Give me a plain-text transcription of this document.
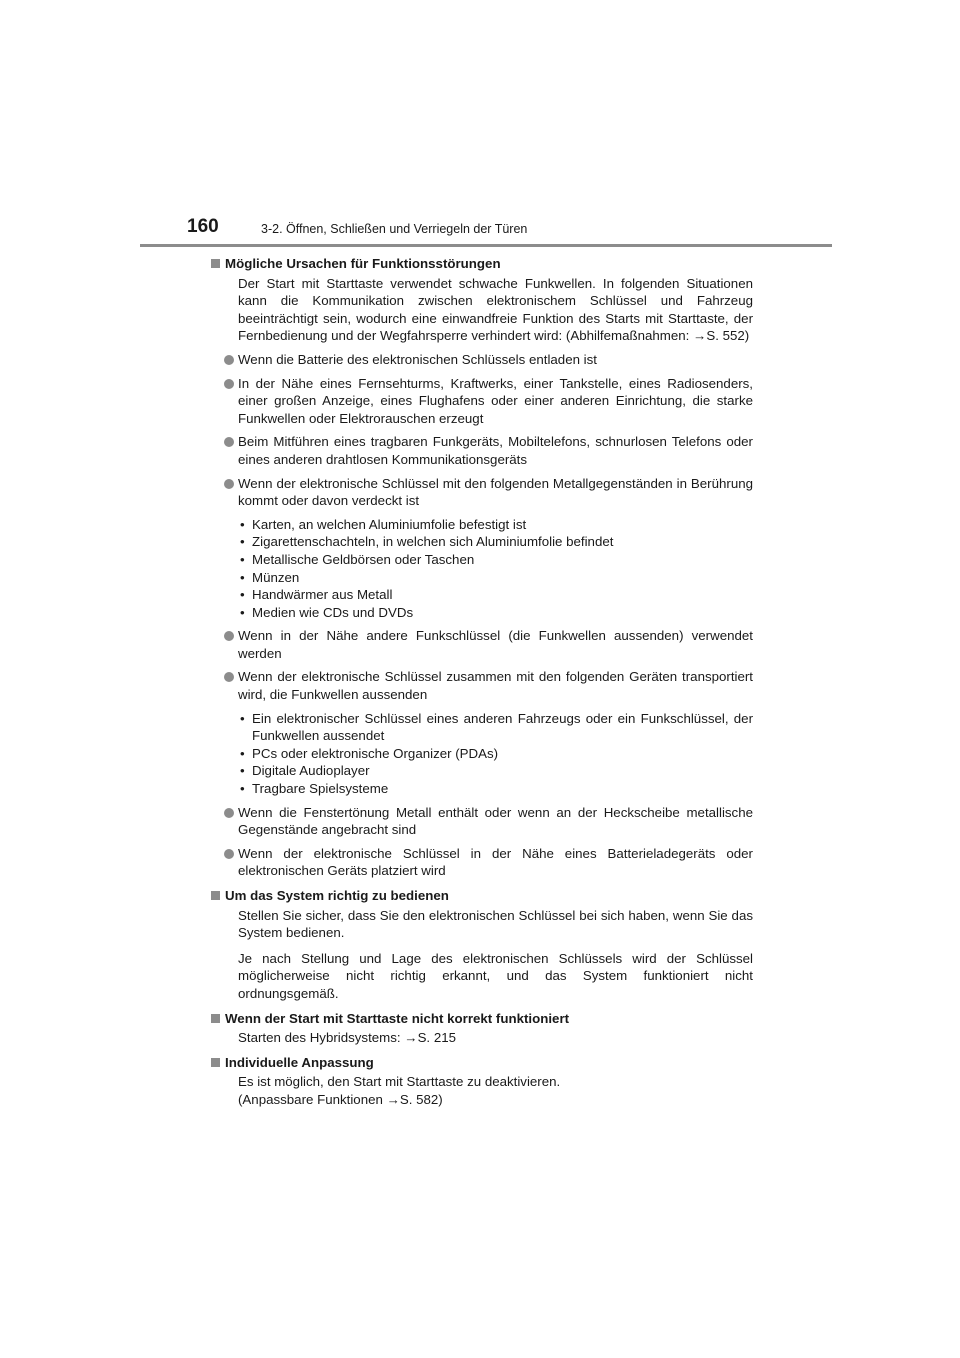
160	3-2. Öffnen, Schließen und Verriegeln der Türen
Mögliche Ursachen für Funktionsstörungen
Der Start mit Starttaste verwendet schwache Funkwellen. In folgenden Situationen kann die Kommunikation zwischen elektronischem Schlüssel und Fahrzeug beeinträchtigt sein, wodurch eine einwandfreie Funktion des Starts mit Starttaste, der Fernbedienung und der Wegfahrsperre verhindert wird: (Abhilfemaßnahmen: →S. 552)
Wenn die Batterie des elektronischen Schlüssels entladen ist
In der Nähe eines Fernsehturms, Kraftwerks, einer Tankstelle, eines Radiosenders, einer großen Anzeige, eines Flughafens oder einer anderen Einrichtung, die starke Funkwellen oder Elektrorauschen erzeugt
Beim Mitführen eines tragbaren Funkgeräts, Mobiltelefons, schnurlosen Telefons oder eines anderen drahtlosen Kommunikationsgeräts
Wenn der elektronische Schlüssel mit den folgenden Metallgegenständen in Berührung kommt oder davon verdeckt ist
• Karten, an welchen Aluminiumfolie befestigt ist
• Zigarettenschachteln, in welchen sich Aluminiumfolie befindet
• Metallische Geldbörsen oder Taschen
• Münzen
• Handwärmer aus Metall
• Medien wie CDs und DVDs
Wenn in der Nähe andere Funkschlüssel (die Funkwellen aussenden) verwendet werden
Wenn der elektronische Schlüssel zusammen mit den folgenden Geräten transportiert wird, die Funkwellen aussenden
• Ein elektronischer Schlüssel eines anderen Fahrzeugs oder ein Funkschlüssel, der Funkwellen aussendet
• PCs oder elektronische Organizer (PDAs)
• Digitale Audioplayer
• Tragbare Spielsysteme
Wenn die Fenstertönung Metall enthält oder wenn an der Heckscheibe metallische Gegenstände angebracht sind
Wenn der elektronische Schlüssel in der Nähe eines Batterieladegeräts oder elektronischen Geräts platziert wird
Um das System richtig zu bedienen
Stellen Sie sicher, dass Sie den elektronischen Schlüssel bei sich haben, wenn Sie das System bedienen.
Je nach Stellung und Lage des elektronischen Schlüssels wird der Schlüssel möglicherweise nicht richtig erkannt, und das System funktioniert nicht ordnungsgemäß.
Wenn der Start mit Starttaste nicht korrekt funktioniert
Starten des Hybridsystems: →S. 215
Individuelle Anpassung
Es ist möglich, den Start mit Starttaste zu deaktivieren.
(Anpassbare Funktionen →S. 582)
